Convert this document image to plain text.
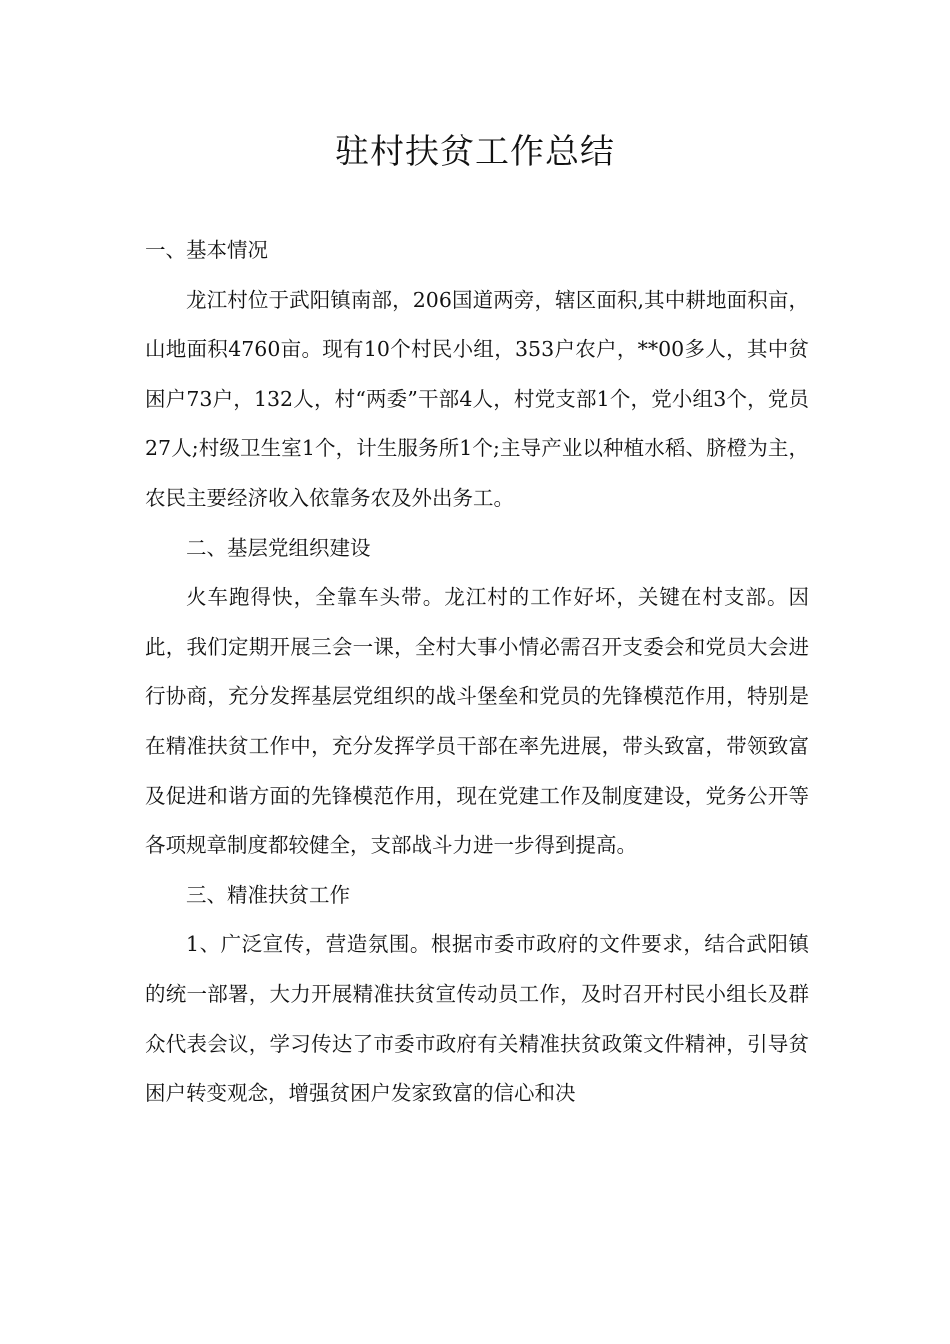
驻村扶贫工作总结

一、基本情况

龙江村位于武阳镇南部，206国道两旁，辖区面积,其中耕地面积亩，山地面积4760亩。现有10个村民小组，353户农户，**00多人，其中贫困户73户，132人，村“两委”干部4人，村党支部1个，党小组3个，党员27人;村级卫生室1个，计生服务所1个;主导产业以种植水稻、脐橙为主，农民主要经济收入依靠务农及外出务工。

二、基层党组织建设

火车跑得快，全靠车头带。龙江村的工作好坏，关键在村支部。因此，我们定期开展三会一课，全村大事小情必需召开支委会和党员大会进行协商，充分发挥基层党组织的战斗堡垒和党员的先锋模范作用，特别是在精准扶贫工作中，充分发挥学员干部在率先进展，带头致富，带领致富及促进和谐方面的先锋模范作用，现在党建工作及制度建设，党务公开等各项规章制度都较健全，支部战斗力进一步得到提高。

三、精准扶贫工作

1、广泛宣传，营造氛围。根据市委市政府的文件要求，结合武阳镇的统一部署，大力开展精准扶贫宣传动员工作，及时召开村民小组长及群众代表会议，学习传达了市委市政府有关精准扶贫政策文件精神，引导贫困户转变观念，增强贫困户发家致富的信心和决
